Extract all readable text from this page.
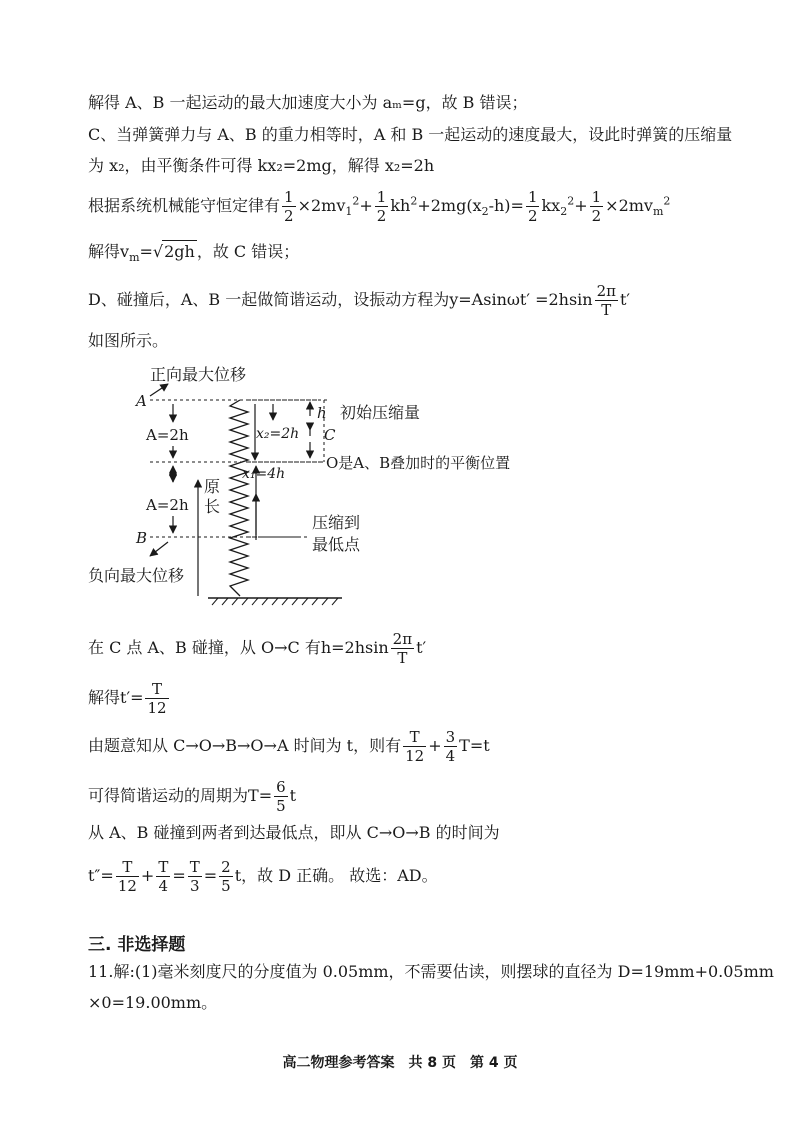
解得 A、B 一起运动的最大加速度大小为 aₘ=g，故 B 错误；
C、当弹簧弹力与 A、B 的重力相等时，A 和 B 一起运动的速度最大，设此时弹簧的压缩量
为 x₂，由平衡条件可得 kx₂=2mg，解得 x₂=2h
根据系统机械能守恒定律有 $\frac{1}{2} \times 2mv_1^2+ \frac{1}{2} kh^2+2mg(x_2-h)= \frac{1}{2} kx_2^2+ \frac{1}{2} \times 2mv_m^2$
解得$v_m=√2gh$ ，故 C 错误；
D、碰撞后，A、B 一起做简谐运动，设振动方程为$y=Asin\omega t' =2hsin \frac{2\pi}{T} t'$
如图所示。
正向最大位移
A
A=2h
A=2h
B
负向最大位移
原
长
x₂=2h
x₁=4h
h
C
初始压缩量
O是A、B叠加时的平衡位置
压缩到
最低点
在 C 点 A、B 碰撞，从 O→C 有$h=2hsin \frac{2\pi}{T} t'$
解得$t'= \frac{T}{12}$
由题意知从 C→O→B→O→A 时间为 t，则有 $\frac{T}{12} + \frac{3}{4} T=t$
可得简谐运动的周期为$T= \frac{6}{5}$ t
从 A、B 碰撞到两者到达最低点，即从 C→O→B 的时间为
$t''= \frac{T}{12} + \frac{T}{4} = \frac{T}{3} = \frac{2}{5}$ t，故 D 正确。 故选：AD。
三. 非选择题
11.解:(1)毫米刻度尺的分度值为 0.05mm，不需要估读，则摆球的直径为 D=19mm+0.05mm
×0=19.00mm。
高二物理参考答案　共 8 页　第 4 页
